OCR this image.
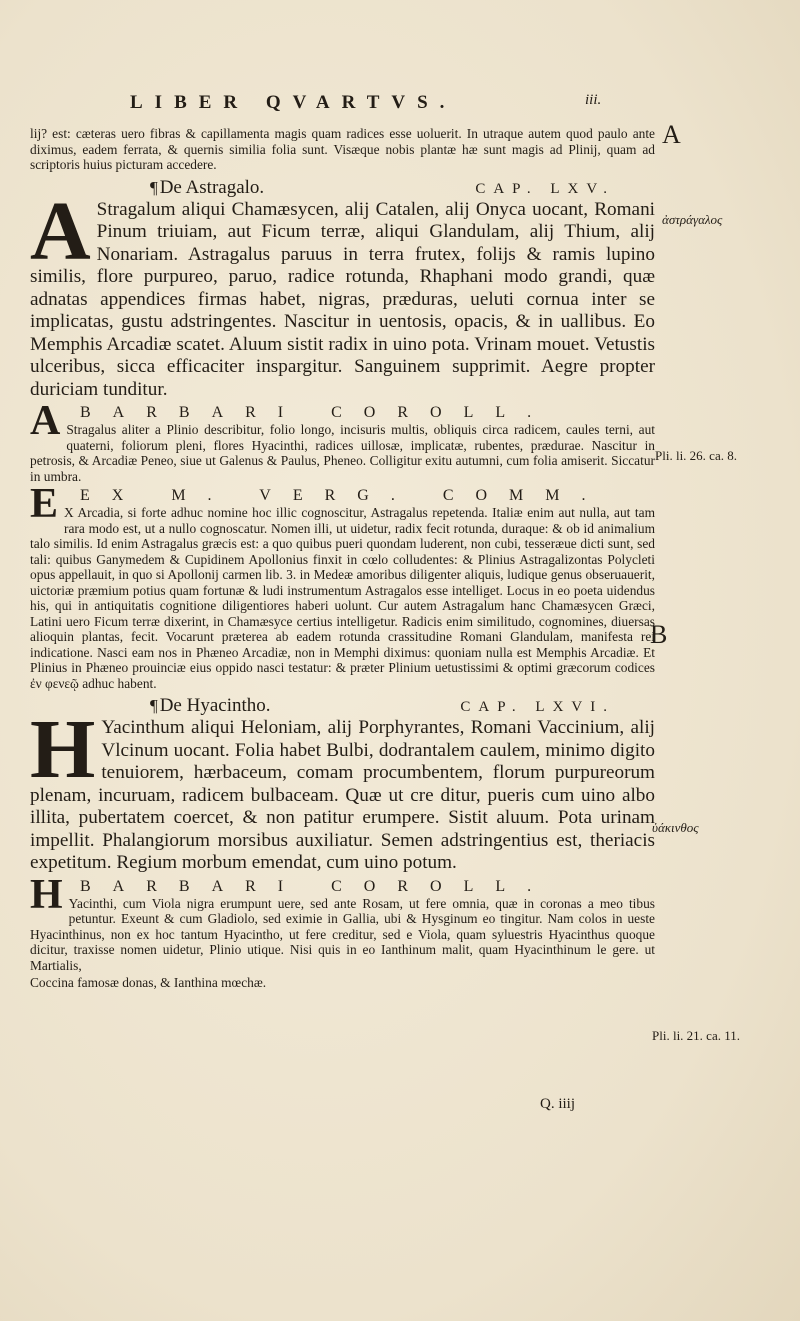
LIBER QVARTVS.	iii.

lij? est: cæteras uero fibras & capillamenta magis quam radices esse uoluerit. In utraque autem quod paulo ante diximus, eadem ferrata, & quernis similia folia sunt. Visæque nobis plantæ hæ sunt magis ad Plinij, quam ad scriptoris huius picturam accedere.

¶ De Astragalo.	CAP. LXV.

A Stragalum aliqui Chamæsycen, alij Catalen, alij Onyca uocant, Romani Pinum triuiam, aut Ficum terræ, aliqui Glandulam, alij Thium, alij Nonariam. Astragalus paruus in terra frutex, folijs & ramis lupino similis, flore purpureo, paruo, radice rotunda, Rhaphani modo grandi, quæ adnatas appendices firmas habet, nigras, præduras, ueluti cornua inter se implicatas, gustu adstringentes. Nascitur in uentosis, opacis, & in uallibus. Eo Memphis Arcadiæ scatet. Aluum sistit radix in uino pota. Vrinam mouet. Vetustis ulceribus, sicca efficaciter inspargitur. Sanguinem supprimit. Aegre propter duriciam tunditur.

A	BARBARI COROLL.

Stragalus aliter a Plinio describitur, folio longo, incisuris multis, obliquis circa radicem, caules terni, aut quaterni, foliorum pleni, flores Hyacinthi, radices uillosæ, implicatæ, rubentes, prædurae. Nascitur in petrosis, & Arcadiæ Peneo, siue ut Galenus & Paulus, Pheneo. Colligitur exitu autumni, cum folia amiserit. Siccatur in umbra.

E	EX M. VERG. COMM.

X Arcadia, si forte adhuc nomine hoc illic cognoscitur, Astragalus repetenda. Italiæ enim aut nulla, aut tam rara modo est, ut a nullo cognoscatur. Nomen illi, ut uidetur, radix fecit rotunda, duraque: & ob id animalium talo similis. Id enim Astragalus græcis est: a quo quibus pueri quondam luderent, non cubi, tesseræue dicti sunt, sed tali: quibus Ganymedem & Cupidinem Apollonius finxit in cœlo colludentes: & Plinius Astragalizontas Polycleti opus appellauit, in quo si Apollonij carmen lib. 3. in Medeæ amoribus diligenter aliquis, ludique genus obseruauerit, uictoriæ præmium potius quam fortunæ & ludi instrumentum Astragalos esse intelliget. Locus in eo poeta uidendus his, qui in antiquitatis cognitione diligentiores haberi uolunt. Cur autem Astragalum hanc Chamæsycen Græci, Latini uero Ficum terræ dixerint, in Chamæsyce certius intelligetur. Radicis enim similitudo, cognomines, diuersas alioquin plantas, fecit. Vocarunt præterea ab eadem rotunda crassitudine Romani Glandulam, manifesta rei indicatione. Nasci eam nos in Phæneo Arcadiæ, non in Memphi diximus: quoniam nulla est Memphis Arcadiæ. Et Plinius in Phæneo prouinciæ eius oppido nasci testatur: & præter Plinium uetustissimi & optimi græcorum codices ἐν φενεῷ adhuc habent.

¶ De Hyacintho.	CAP. LXVI.

H Yacinthum aliqui Heloniam, alij Porphyrantes, Romani Vaccinium, alij Vlcinum uocant. Folia habet Bulbi, dodrantalem caulem, minimo digito tenuiorem, hærbaceum, comam procumbentem, florum purpureorum plenam, incuruam, radicem bulbaceam. Quæ ut cre ditur, pueris cum uino albo illita, pubertatem coercet, & non patitur erumpere. Sistit aluum. Pota urinam impellit. Phalangiorum morsibus auxiliatur. Semen adstringentius est, theriacis expetitum. Regium morbum emendat, cum uino potum.

H	BARBARI COROLL.

Yacinthi, cum Viola nigra erumpunt uere, sed ante Rosam, ut fere omnia, quæ in coronas a meo tibus petuntur. Exeunt & cum Gladiolo, sed eximie in Gallia, ubi & Hysginum eo tingitur. Nam colos in ueste Hyacinthinus, non ex hoc tantum Hyacintho, ut fere creditur, sed e Viola, quam syluestris Hyacinthus quoque dicitur, traxisse nomen uidetur, Plinio utique. Nisi quis in eo Ianthinum malit, quam Hyacinthinum le gere. ut Martialis,

Coccina famosæ donas, & Ianthina mœchæ.

A
ἀστράγαλος
Pli. li. 26. ca. 8.
B
ὑάκινθος
Pli. li. 21. ca. 11.
Q. iiij
